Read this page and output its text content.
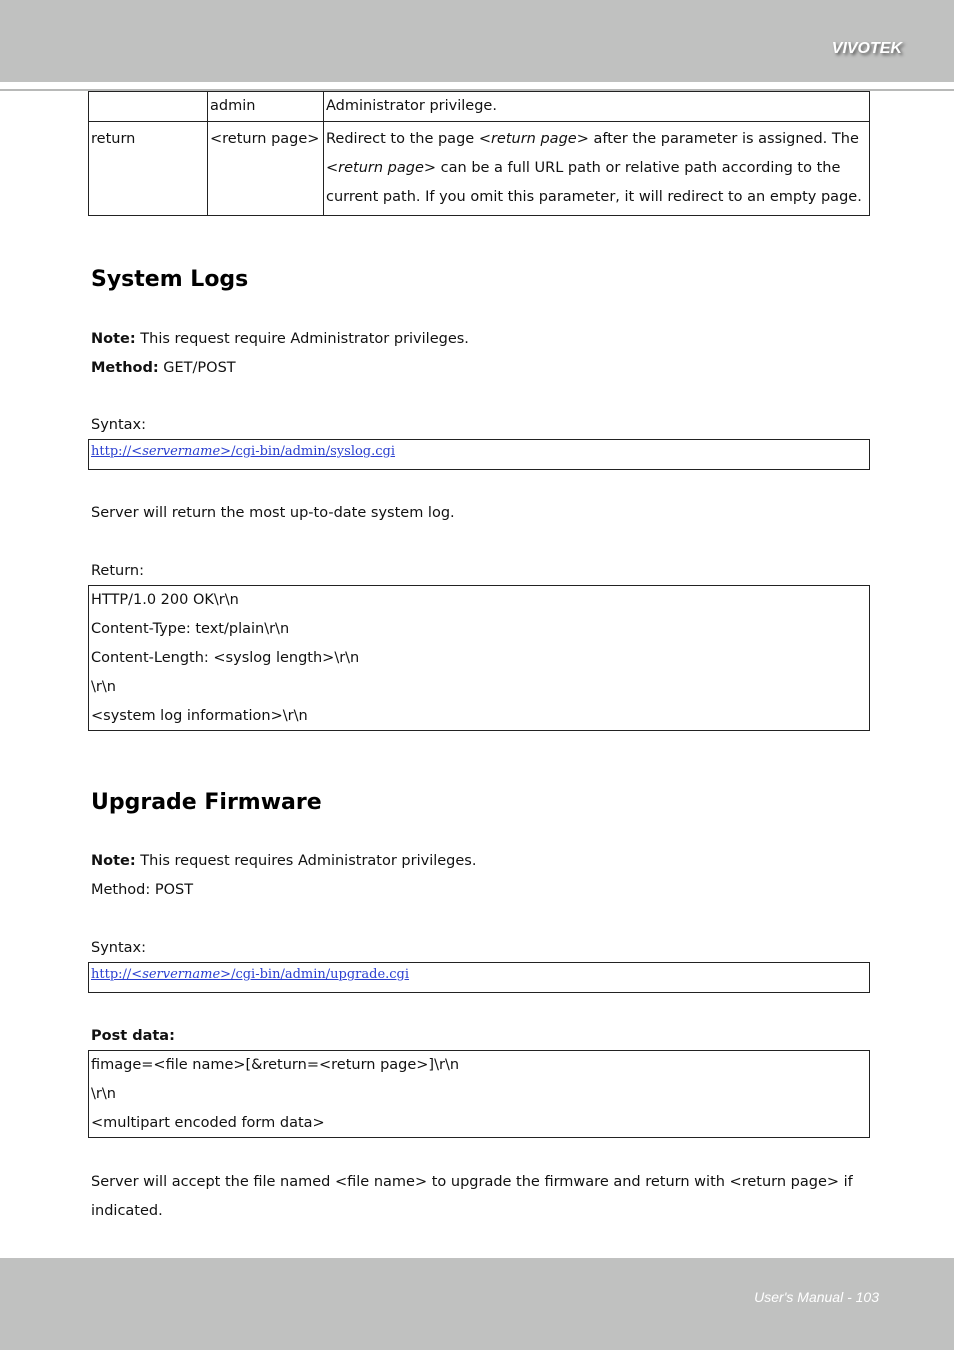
VIVOTEK
	admin	Administrator privilege.
return	<return page>	Redirect to the page <return page> after the parameter is assigned. The <return page> can be a full URL path or relative path according to the current path. If you omit this parameter, it will redirect to an empty page.
System Logs
Note: This request require Administrator privileges.
Method: GET/POST
Syntax:
http://<servername>/cgi-bin/admin/syslog.cgi
Server will return the most up-to-date system log.
Return:
HTTP/1.0 200 OK\r\n
Content-Type: text/plain\r\n
Content-Length: <syslog length>\r\n
\r\n
<system log information>\r\n
Upgrade Firmware
Note: This request requires Administrator privileges.
Method: POST
Syntax:
http://<servername>/cgi-bin/admin/upgrade.cgi
Post data:
fimage=<file name>[&return=<return page>]\r\n
\r\n
<multipart encoded form data>
Server will accept the file named <file name> to upgrade the firmware and return with <return page> if
indicated.
User's Manual - 103
